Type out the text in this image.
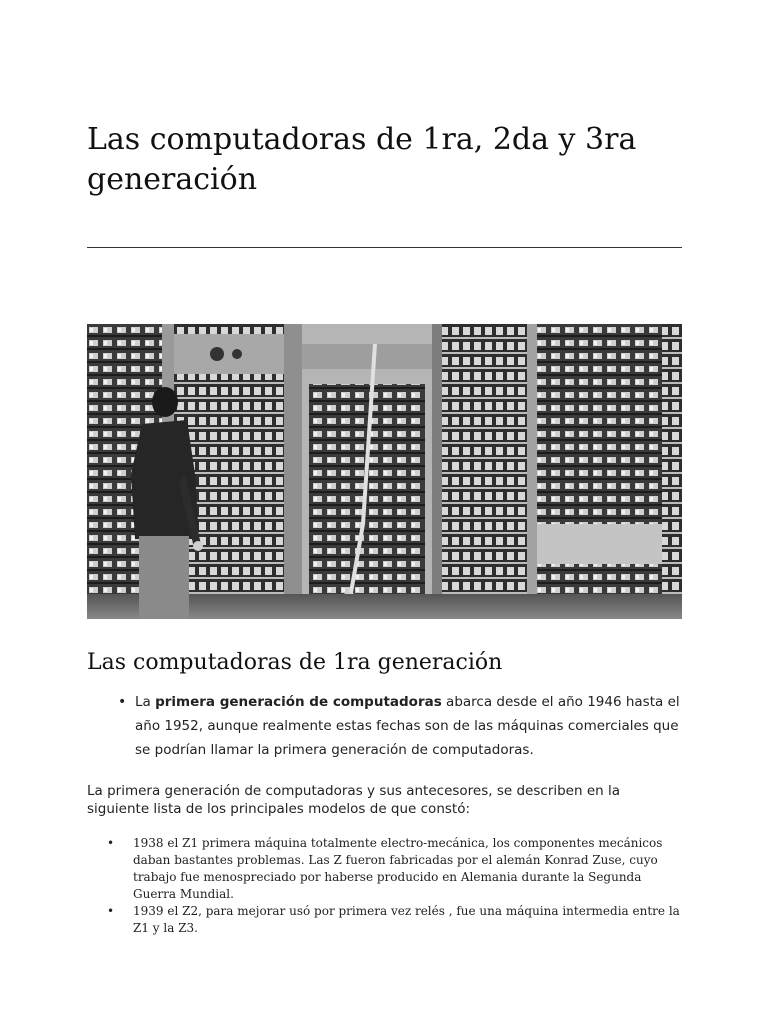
Las computadoras de 1ra, 2da y 3ra generación
Las computadoras de 1ra generación
• La primera generación de computadoras abarca desde el año 1946 hasta el año 1952, aunque realmente estas fechas son de las máquinas comerciales que se podrían llamar la primera generación de computadoras.

La primera generación de computadoras y sus antecesores, se describen en la siguiente lista de los principales modelos de que constó:

• 1938 el Z1 primera máquina totalmente electro-mecánica, los componentes mecánicos daban bastantes problemas. Las Z fueron fabricadas por el alemán Konrad Zuse, cuyo trabajo fue menospreciado por haberse producido en Alemania durante la Segunda Guerra Mundial.
• 1939 el Z2, para mejorar usó por primera vez relés , fue una máquina intermedia entre la Z1 y la Z3.
